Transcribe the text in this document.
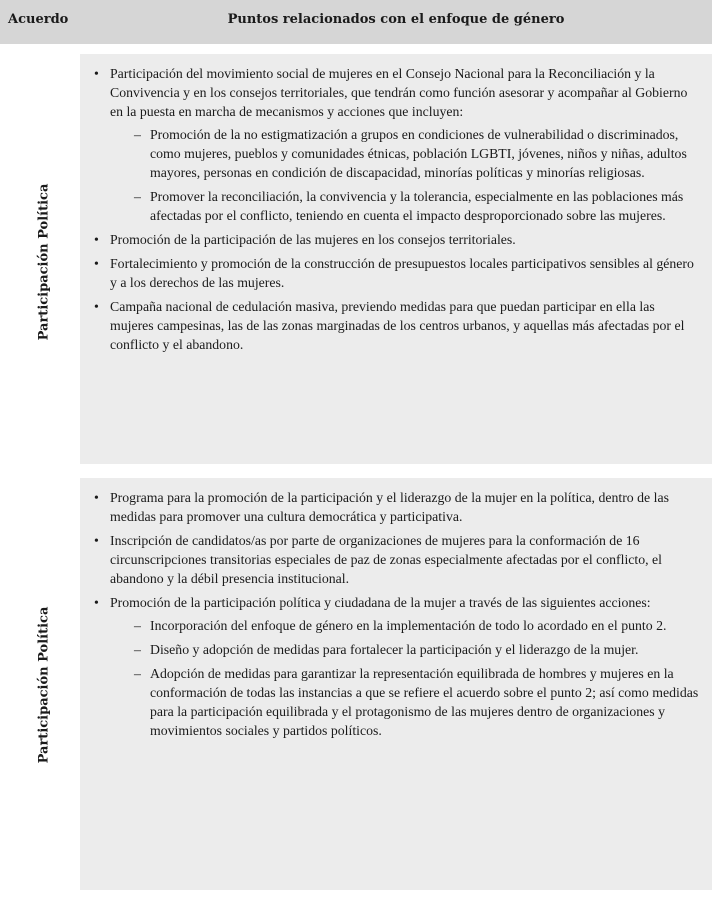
Acuerdo	Puntos relacionados con el enfoque de género
Participación Política
• Participación del movimiento social de mujeres en el Consejo Nacional para la Reconciliación y la Convivencia y en los consejos territoriales, que tendrán como función asesorar y acompañar al Gobierno en la puesta en marcha de mecanismos y acciones que incluyen:
– Promoción de la no estigmatización a grupos en condiciones de vulnerabilidad o discriminados, como mujeres, pueblos y comunidades étnicas, población LGBTI, jóvenes, niños y niñas, adultos mayores, personas en condición de discapacidad, minorías políticas y minorías religiosas.
– Promover la reconciliación, la convivencia y la tolerancia, especialmente en las poblaciones más afectadas por el conflicto, teniendo en cuenta el impacto desproporcionado sobre las mujeres.
• Promoción de la participación de las mujeres en los consejos territoriales.
• Fortalecimiento y promoción de la construcción de presupuestos locales participativos sensibles al género y a los derechos de las mujeres.
• Campaña nacional de cedulación masiva, previendo medidas para que puedan participar en ella las mujeres campesinas, las de las zonas marginadas de los centros urbanos, y aquellas más afectadas por el conflicto y el abandono.
Participación Política
• Programa para la promoción de la participación y el liderazgo de la mujer en la política, dentro de las medidas para promover una cultura democrática y participativa.
• Inscripción de candidatos/as por parte de organizaciones de mujeres para la conformación de 16 circunscripciones transitorias especiales de paz de zonas especialmente afectadas por el conflicto, el abandono y la débil presencia institucional.
• Promoción de la participación política y ciudadana de la mujer a través de las siguientes acciones:
– Incorporación del enfoque de género en la implementación de todo lo acordado en el punto 2.
– Diseño y adopción de medidas para fortalecer la participación y el liderazgo de la mujer.
– Adopción de medidas para garantizar la representación equilibrada de hombres y mujeres en la conformación de todas las instancias a que se refiere el acuerdo sobre el punto 2; así como medidas para la participación equilibrada y el protagonismo de las mujeres dentro de organizaciones y movimientos sociales y partidos políticos.
